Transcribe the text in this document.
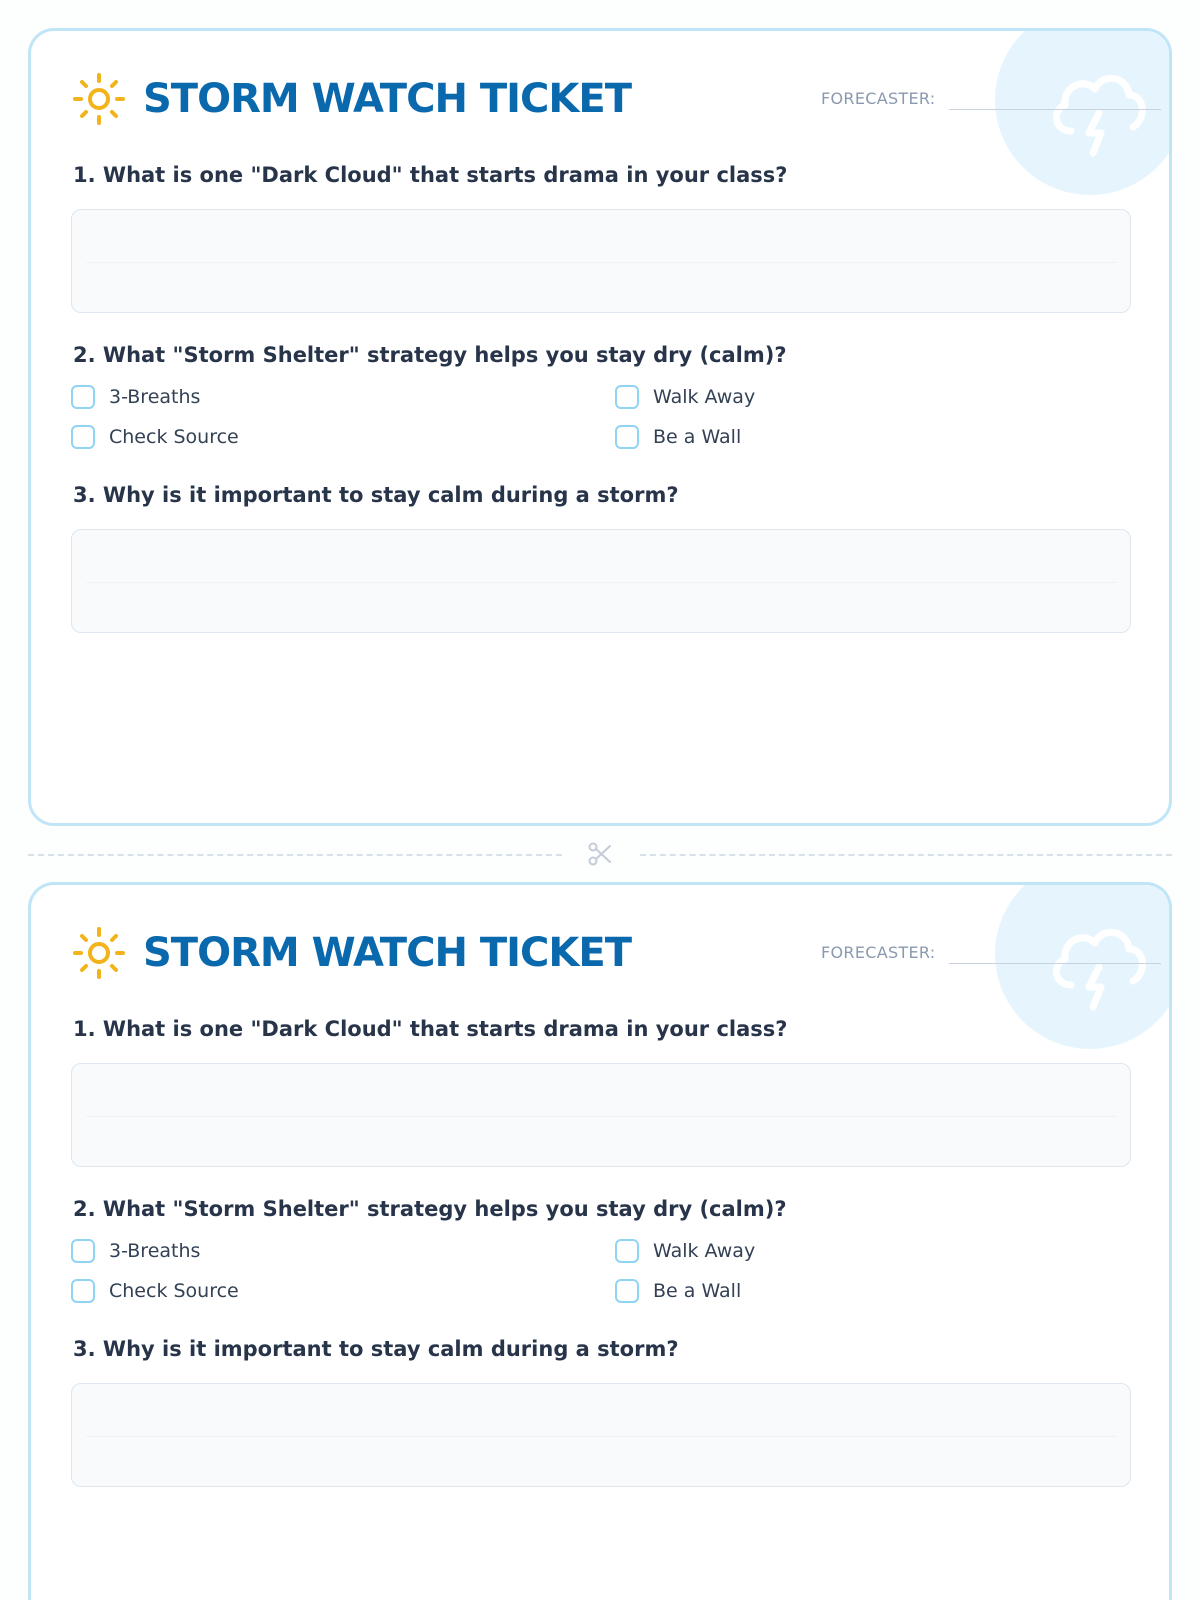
STORM WATCH TICKET	FORECASTER:
1. What is one "Dark Cloud" that starts drama in your class?
2. What "Storm Shelter" strategy helps you stay dry (calm)?
3-Breaths	Walk Away
Check Source	Be a Wall
3. Why is it important to stay calm during a storm?
STORM WATCH TICKET	FORECASTER:
1. What is one "Dark Cloud" that starts drama in your class?
2. What "Storm Shelter" strategy helps you stay dry (calm)?
3-Breaths	Walk Away
Check Source	Be a Wall
3. Why is it important to stay calm during a storm?
